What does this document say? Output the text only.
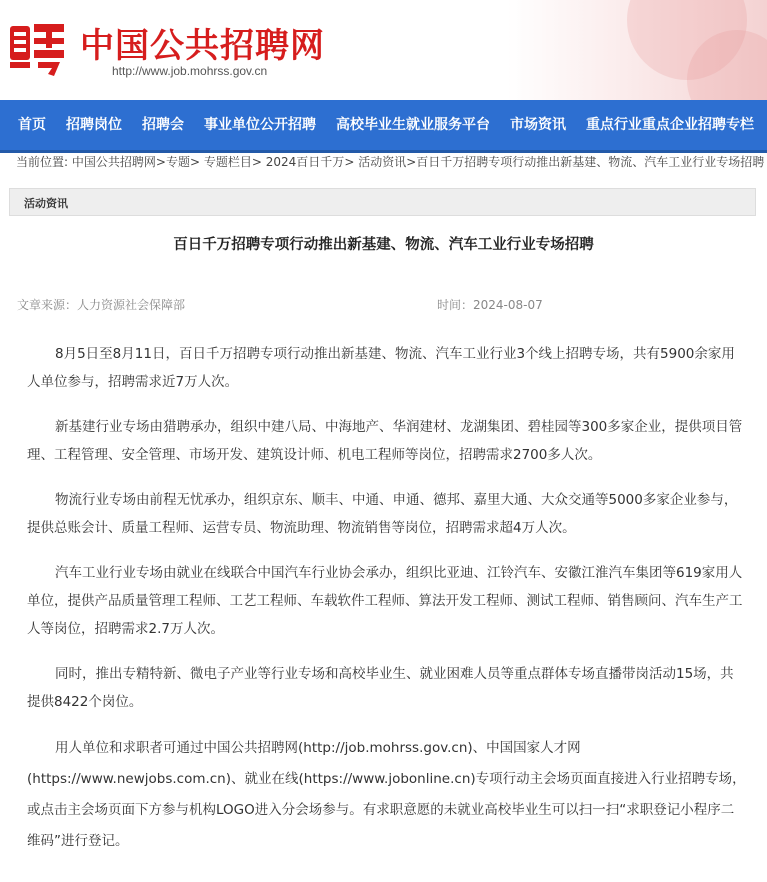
中国公共招聘网
http://www.job.mohrss.gov.cn
首页	招聘岗位	招聘会	事业单位公开招聘	高校毕业生就业服务平台	市场资讯	重点行业重点企业招聘专栏
当前位置: 中国公共招聘网>专题> 专题栏目> 2024百日千万> 活动资讯>百日千万招聘专项行动推出新基建、物流、汽车工业行业专场招聘
活动资讯
百日千万招聘专项行动推出新基建、物流、汽车工业行业专场招聘
文章来源：人力资源社会保障部	时间：2024-08-07

8月5日至8月11日，百日千万招聘专项行动推出新基建、物流、汽车工业行业3个线上招聘专场，共有5900余家用人单位参与，招聘需求近7万人次。

新基建行业专场由猎聘承办，组织中建八局、中海地产、华润建材、龙湖集团、碧桂园等300多家企业，提供项目管理、工程管理、安全管理、市场开发、建筑设计师、机电工程师等岗位，招聘需求2700多人次。

物流行业专场由前程无忧承办，组织京东、顺丰、中通、申通、德邦、嘉里大通、大众交通等5000多家企业参与，提供总账会计、质量工程师、运营专员、物流助理、物流销售等岗位，招聘需求超4万人次。

汽车工业行业专场由就业在线联合中国汽车行业协会承办，组织比亚迪、江铃汽车、安徽江淮汽车集团等619家用人单位，提供产品质量管理工程师、工艺工程师、车载软件工程师、算法开发工程师、测试工程师、销售顾问、汽车生产工人等岗位，招聘需求2.7万人次。

同时，推出专精特新、微电子产业等行业专场和高校毕业生、就业困难人员等重点群体专场直播带岗活动15场，共提供8422个岗位。

用人单位和求职者可通过中国公共招聘网(http://job.mohrss.gov.cn)、中国国家人才网(https://www.newjobs.com.cn)、就业在线(https://www.jobonline.cn)专项行动主会场页面直接进入行业招聘专场，或点击主会场页面下方参与机构LOGO进入分会场参与。有求职意愿的未就业高校毕业生可以扫一扫“求职登记小程序二维码”进行登记。
